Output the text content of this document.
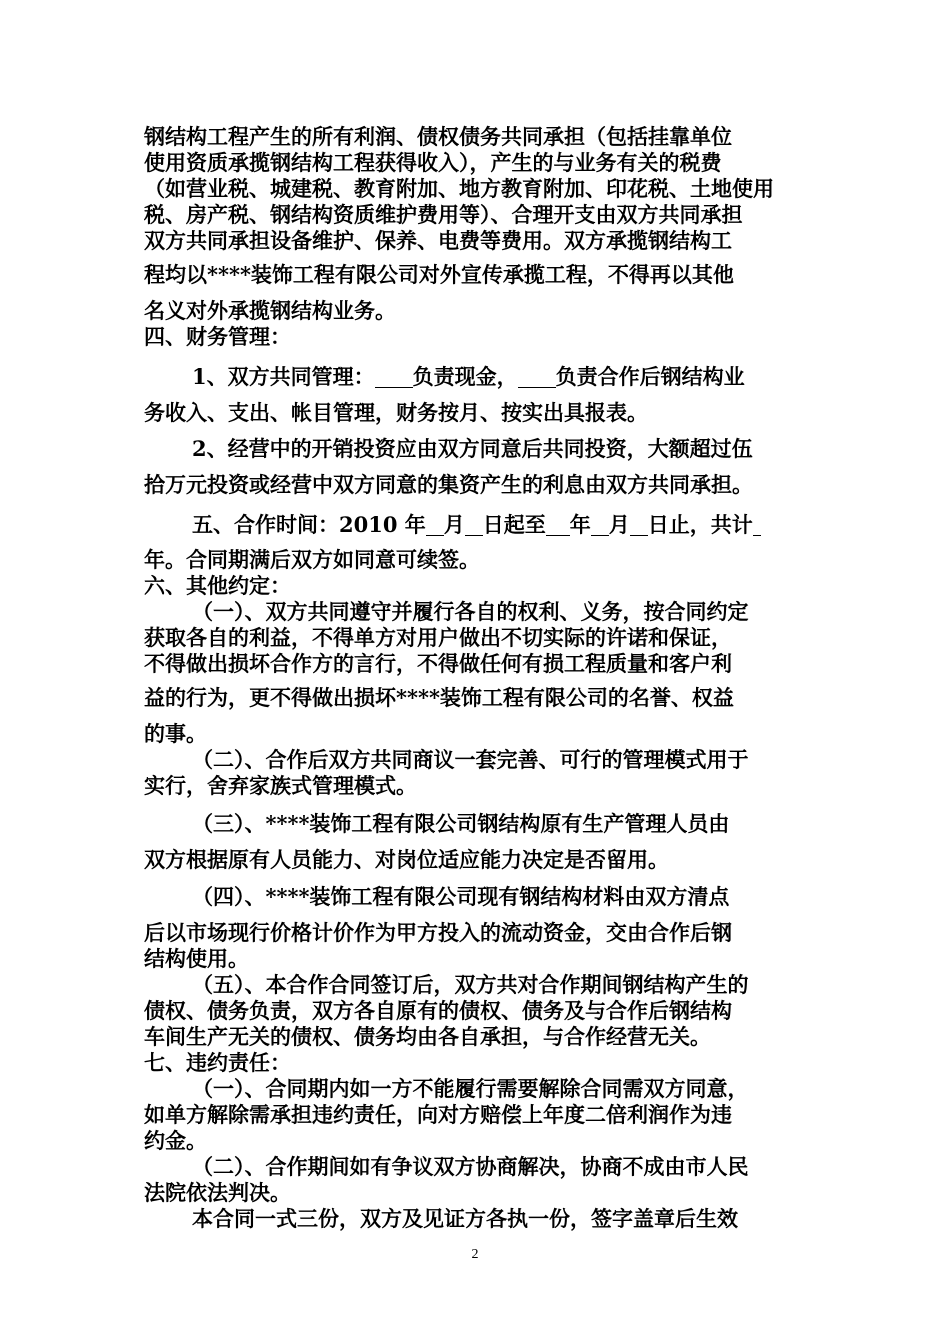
钢结构工程产生的所有利润、债权债务共同承担（包括挂靠单位
使用资质承揽钢结构工程获得收入），产生的与业务有关的税费
（如营业税、城建税、教育附加、地方教育附加、印花税、土地使用
税、房产税、钢结构资质维护费用等）、合理开支由双方共同承担
双方共同承担设备维护、保养、电费等费用。双方承揽钢结构工
程均以****装饰工程有限公司对外宣传承揽工程，不得再以其他
名义对外承揽钢结构业务。
四、财务管理：
1、双方共同管理： 负责现金， 负责合作后钢结构业
务收入、支出、帐目管理，财务按月、按实出具报表。
2、经营中的开销投资应由双方同意后共同投资，大额超过伍
拾万元投资或经营中双方同意的集资产生的利息由双方共同承担。
五、合作时间：2010 年 月 日起至 年 月 日止，共计
年。合同期满后双方如同意可续签。
六、其他约定：
（一）、双方共同遵守并履行各自的权利、义务，按合同约定
获取各自的利益，不得单方对用户做出不切实际的许诺和保证，
不得做出损坏合作方的言行，不得做任何有损工程质量和客户利
益的行为，更不得做出损坏****装饰工程有限公司的名誉、权益
的事。
（二）、合作后双方共同商议一套完善、可行的管理模式用于
实行，舍弃家族式管理模式。
（三）、****装饰工程有限公司钢结构原有生产管理人员由
双方根据原有人员能力、对岗位适应能力决定是否留用。
（四）、****装饰工程有限公司现有钢结构材料由双方清点
后以市场现行价格计价作为甲方投入的流动资金，交由合作后钢
结构使用。
（五）、本合作合同签订后，双方共对合作期间钢结构产生的
债权、债务负责，双方各自原有的债权、债务及与合作后钢结构
车间生产无关的债权、债务均由各自承担，与合作经营无关。
七、违约责任：
（一）、合同期内如一方不能履行需要解除合同需双方同意，
如单方解除需承担违约责任，向对方赔偿上年度二倍利润作为违
约金。
（二）、合作期间如有争议双方协商解决，协商不成由市人民
法院依法判决。
本合同一式三份，双方及见证方各执一份，签字盖章后生效
2
